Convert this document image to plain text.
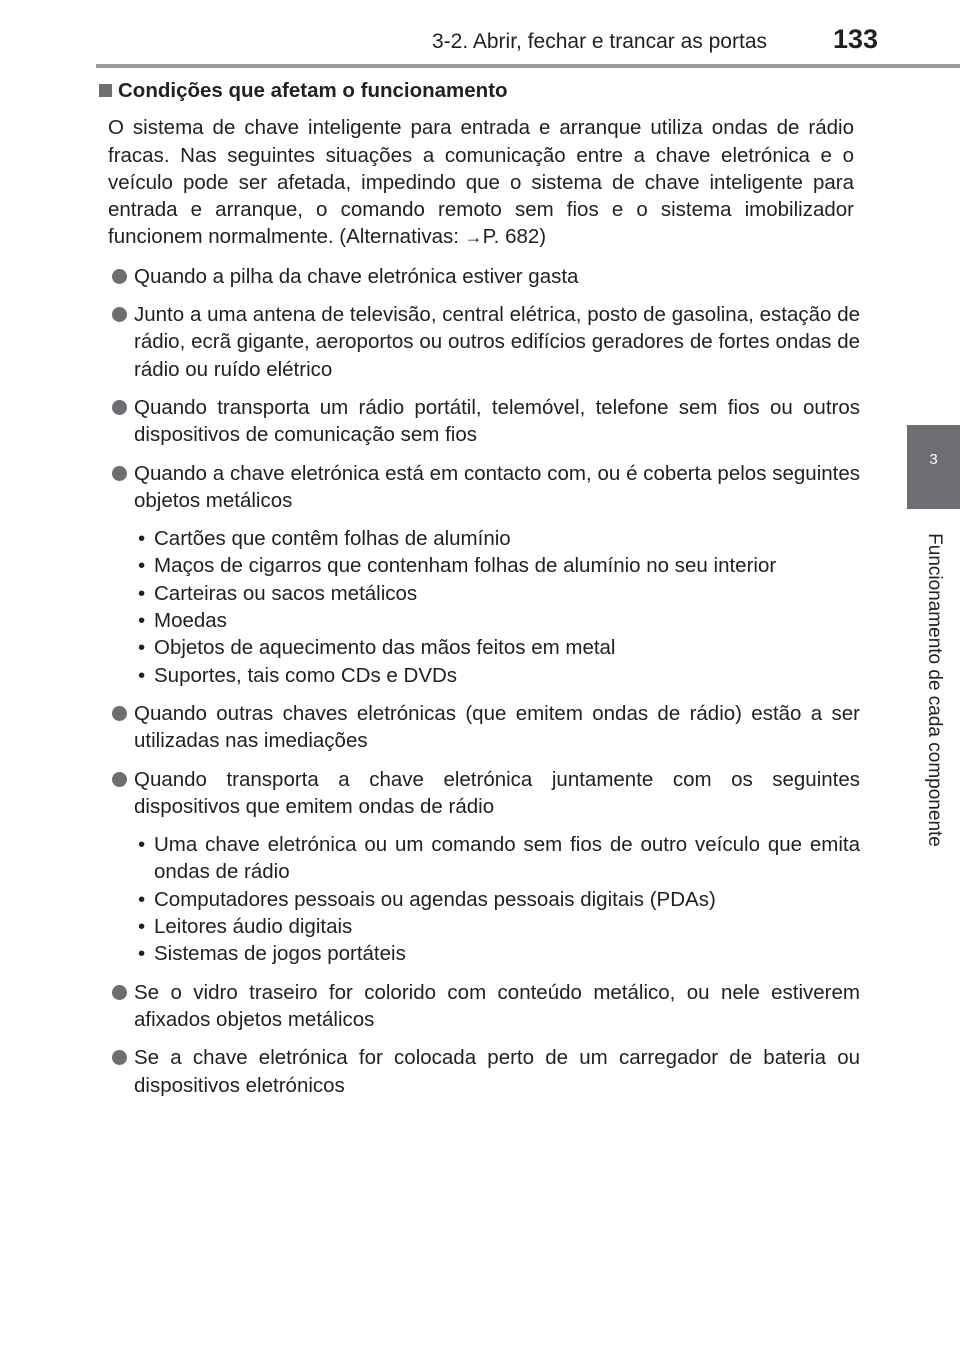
3-2. Abrir, fechar e trancar as portas 133
3
Funcionamento de cada componente
Condições que afetam o funcionamento
O sistema de chave inteligente para entrada e arranque utiliza ondas de rádio fracas. Nas seguintes situações a comunicação entre a chave eletrónica e o veículo pode ser afetada, impedindo que o sistema de chave inteligente para entrada e arranque, o comando remoto sem fios e o sistema imobilizador funcionem normalmente. (Alternativas: →P. 682)
Quando a pilha da chave eletrónica estiver gasta
Junto a uma antena de televisão, central elétrica, posto de gasolina, estação de rádio, ecrã gigante, aeroportos ou outros edifícios geradores de fortes ondas de rádio ou ruído elétrico
Quando transporta um rádio portátil, telemóvel, telefone sem fios ou outros dispositivos de comunicação sem fios
Quando a chave eletrónica está em contacto com, ou é coberta pelos seguintes objetos metálicos
• Cartões que contêm folhas de alumínio
• Maços de cigarros que contenham folhas de alumínio no seu interior
• Carteiras ou sacos metálicos
• Moedas
• Objetos de aquecimento das mãos feitos em metal
• Suportes, tais como CDs e DVDs
Quando outras chaves eletrónicas (que emitem ondas de rádio) estão a ser utilizadas nas imediações
Quando transporta a chave eletrónica juntamente com os seguintes dispositivos que emitem ondas de rádio
• Uma chave eletrónica ou um comando sem fios de outro veículo que emita ondas de rádio
• Computadores pessoais ou agendas pessoais digitais (PDAs)
• Leitores áudio digitais
• Sistemas de jogos portáteis
Se o vidro traseiro for colorido com conteúdo metálico, ou nele estiverem afixados objetos metálicos
Se a chave eletrónica for colocada perto de um carregador de bateria ou dispositivos eletrónicos
